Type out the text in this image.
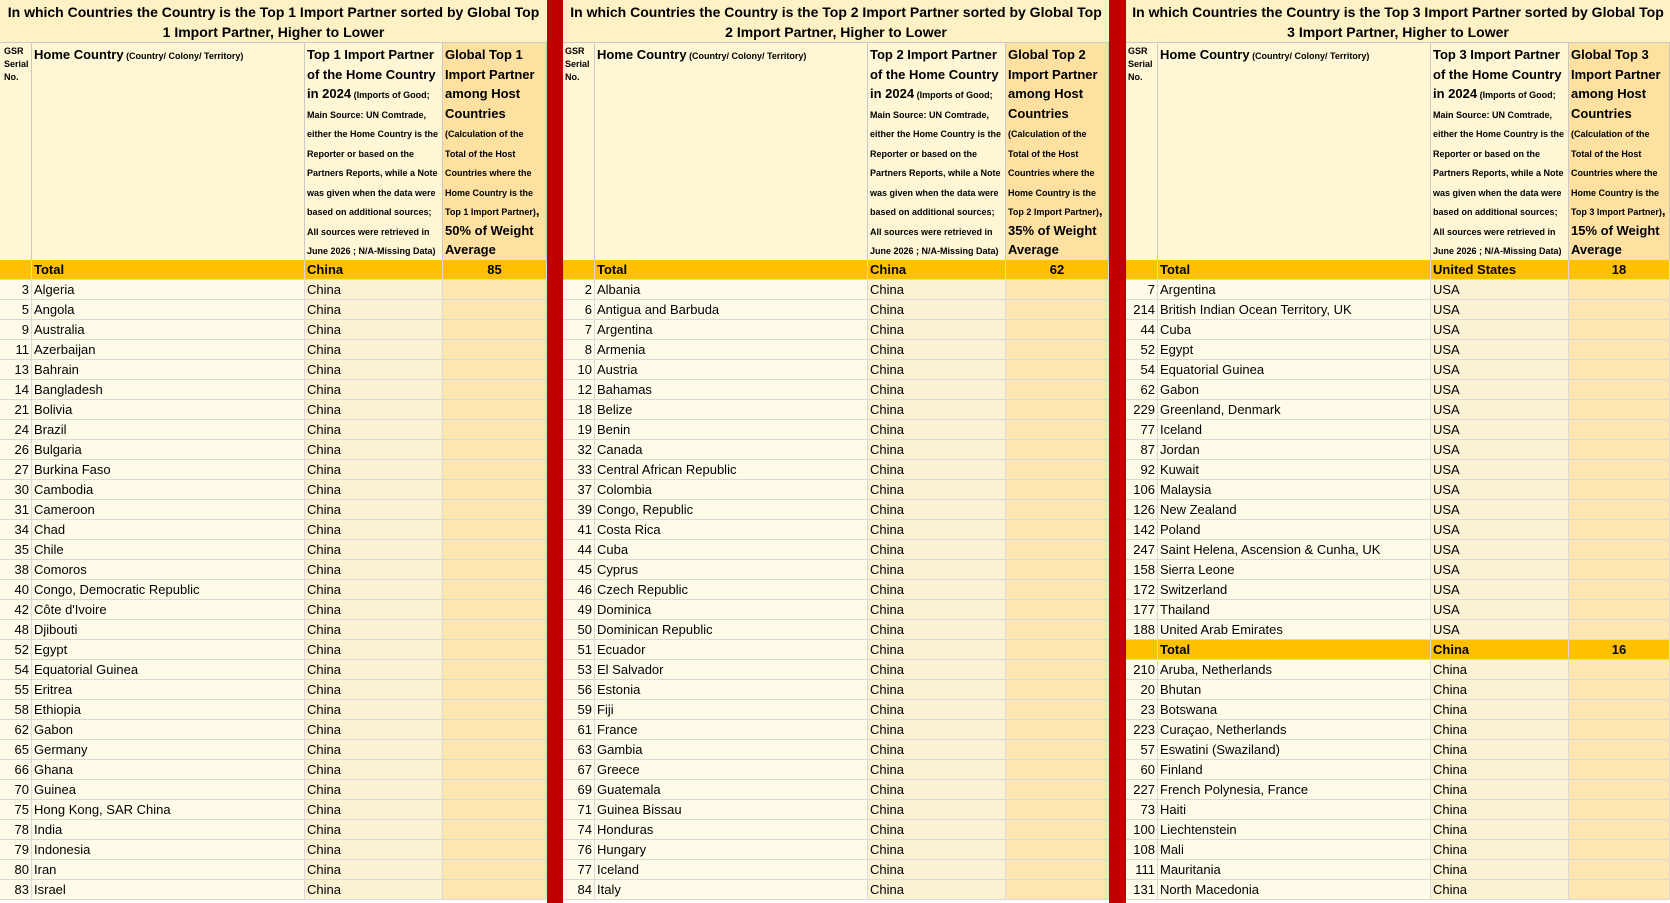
In which Countries the Country is the Top 1 Import Partner sorted by Global Top 1 Import Partner, Higher to Lower
GSR Serial No.
Home Country (Country/ Colony/ Territory)	Top 1 Import Partner of the Home Country in 2024 (Imports of Good; Main Source: UN Comtrade, either the Home Country is the Reporter or based on the Partners Reports, while a Note was given when the data were based on additional sources; All sources were retrieved in June 2026 ; N/A-Missing Data)
Global Top 1 Import Partner among Host Countries (Calculation of the Total of the Host Countries where the Home Country is the Top 1 Import Partner), 50% of Weight Average
Total	China	85
3 Algeria	China
5 Angola	China
9 Australia	China
11 Azerbaijan	China
13 Bahrain	China
14 Bangladesh	China
21 Bolivia	China
24 Brazil	China
26 Bulgaria	China
27 Burkina Faso	China
30 Cambodia	China
31 Cameroon	China
34 Chad	China
35 Chile	China
38 Comoros	China
40 Congo, Democratic Republic	China
42 Côte d'Ivoire	China
48 Djibouti	China
52 Egypt	China
54 Equatorial Guinea	China
55 Eritrea	China
58 Ethiopia	China
62 Gabon	China
65 Germany	China
66 Ghana	China
70 Guinea	China
75 Hong Kong, SAR China	China
78 India	China
79 Indonesia	China
80 Iran	China
83 Israel	China
In which Countries the Country is the Top 2 Import Partner sorted by Global Top 2 Import Partner, Higher to Lower
GSR Serial No.
Home Country (Country/ Colony/ Territory)	Top 2 Import Partner of the Home Country in 2024 (Imports of Good; Main Source: UN Comtrade, either the Home Country is the Reporter or based on the Partners Reports, while a Note was given when the data were based on additional sources; All sources were retrieved in June 2026 ; N/A-Missing Data)
Global Top 2 Import Partner among Host Countries (Calculation of the Total of the Host Countries where the Home Country is the Top 2 Import Partner), 35% of Weight Average
Total	China	62
2 Albania	China
6 Antigua and Barbuda	China
7 Argentina	China
8 Armenia	China
10 Austria	China
12 Bahamas	China
18 Belize	China
19 Benin	China
32 Canada	China
33 Central African Republic	China
37 Colombia	China
39 Congo, Republic	China
41 Costa Rica	China
44 Cuba	China
45 Cyprus	China
46 Czech Republic	China
49 Dominica	China
50 Dominican Republic	China
51 Ecuador	China
53 El Salvador	China
56 Estonia	China
59 Fiji	China
61 France	China
63 Gambia	China
67 Greece	China
69 Guatemala	China
71 Guinea Bissau	China
74 Honduras	China
76 Hungary	China
77 Iceland	China
84 Italy	China
In which Countries the Country is the Top 3 Import Partner sorted by Global Top 3 Import Partner, Higher to Lower
GSR Serial No.
Home Country (Country/ Colony/ Territory)	Top 3 Import Partner of the Home Country in 2024 (Imports of Good; Main Source: UN Comtrade, either the Home Country is the Reporter or based on the Partners Reports, while a Note was given when the data were based on additional sources; All sources were retrieved in June 2026 ; N/A-Missing Data)
Global Top 3 Import Partner among Host Countries (Calculation of the Total of the Host Countries where the Home Country is the Top 3 Import Partner), 15% of Weight Average
Total	United States	18
7 Argentina	USA
214 British Indian Ocean Territory, UK	USA
44 Cuba	USA
52 Egypt	USA
54 Equatorial Guinea	USA
62 Gabon	USA
229 Greenland, Denmark	USA
77 Iceland	USA
87 Jordan	USA
92 Kuwait	USA
106 Malaysia	USA
126 New Zealand	USA
142 Poland	USA
247 Saint Helena, Ascension & Cunha, UK	USA
158 Sierra Leone	USA
172 Switzerland	USA
177 Thailand	USA
188 United Arab Emirates	USA
Total	China	16
210 Aruba, Netherlands	China
20 Bhutan	China
23 Botswana	China
223 Curaçao, Netherlands	China
57 Eswatini (Swaziland)	China
60 Finland	China
227 French Polynesia, France	China
73 Haiti	China
100 Liechtenstein	China
108 Mali	China
111 Mauritania	China
131 North Macedonia	China
